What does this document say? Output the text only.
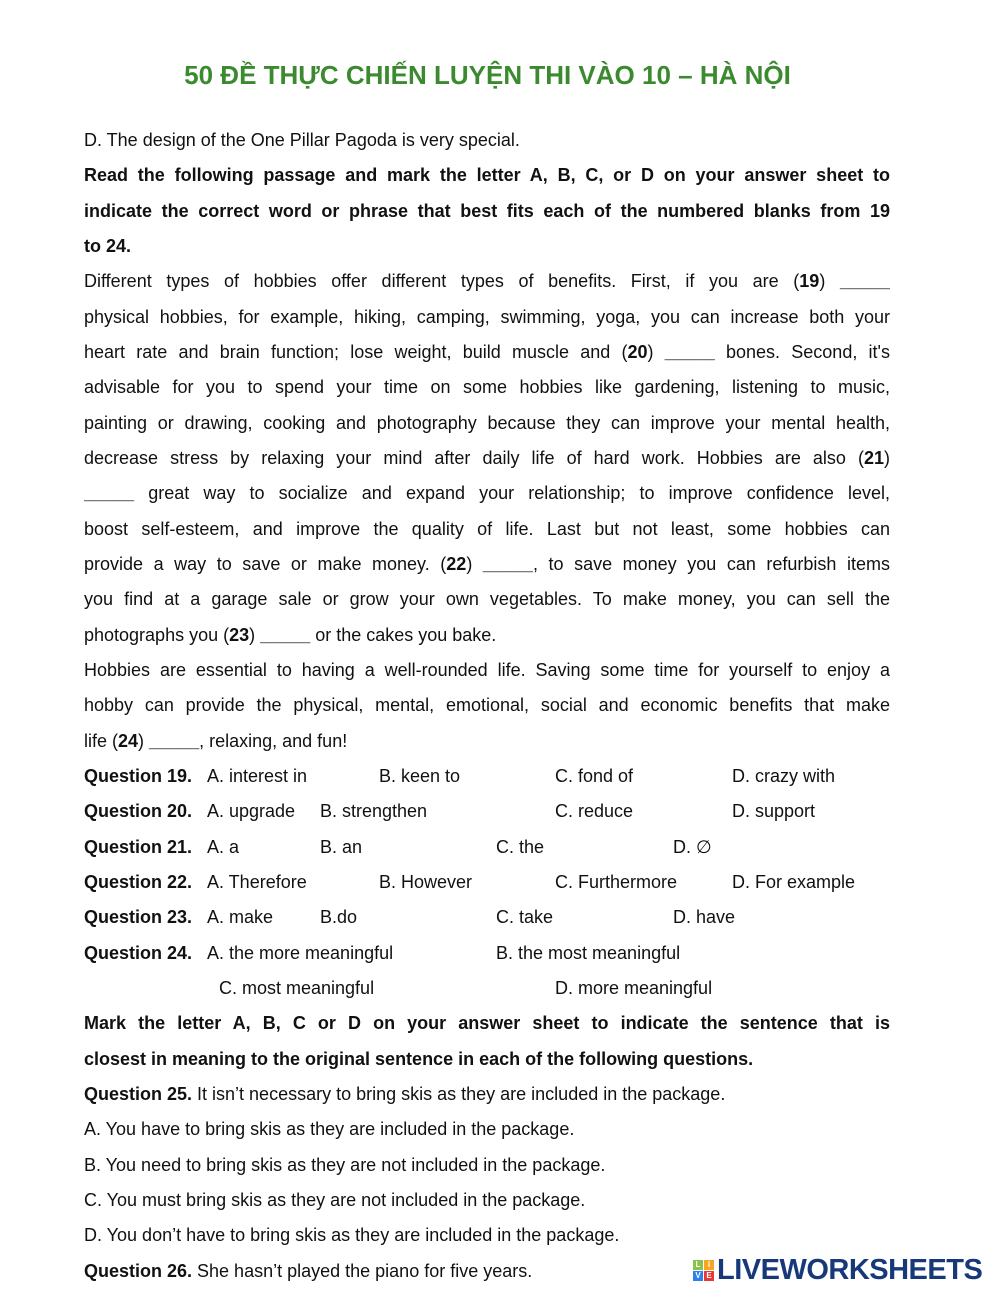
50 ĐỀ THỰC CHIẾN LUYỆN THI VÀO 10 – HÀ NỘI
D. The design of the One Pillar Pagoda is very special.
Read the following passage and mark the letter A, B, C, or D on your answer sheet to
indicate the correct word or phrase that best fits each of the numbered blanks from 19
to 24.
Different types of hobbies offer different types of benefits. First, if you are (19) _____
physical hobbies, for example, hiking, camping, swimming, yoga, you can increase both your
heart rate and brain function; lose weight, build muscle and (20) _____ bones. Second, it's
advisable for you to spend your time on some hobbies like gardening, listening to music,
painting or drawing, cooking and photography because they can improve your mental health,
decrease stress by relaxing your mind after daily life of hard work. Hobbies are also (21)
_____ great way to socialize and expand your relationship; to improve confidence level,
boost self-esteem, and improve the quality of life. Last but not least, some hobbies can
provide a way to save or make money. (22) _____, to save money you can refurbish items
you find at a garage sale or grow your own vegetables. To make money, you can sell the
photographs you (23) _____ or the cakes you bake.
Hobbies are essential to having a well-rounded life. Saving some time for yourself to enjoy a
hobby can provide the physical, mental, emotional, social and economic benefits that make
life (24) _____, relaxing, and fun!
Question 19. A. interest in	B. keen to	C. fond of	D. crazy with
Question 20. A. upgrade B. strengthen	C. reduce	D. support
Question 21. A. a	B. an	C. the	D. ∅
Question 22. A. Therefore	B. However	C. Furthermore	D. For example
Question 23. A. make	B.do	C. take	D. have
Question 24. A. the more meaningful	B. the most meaningful
C. most meaningful	D. more meaningful
Mark the letter A, B, C or D on your answer sheet to indicate the sentence that is
closest in meaning to the original sentence in each of the following questions.
Question 25. It isn’t necessary to bring skis as they are included in the package.
A. You have to bring skis as they are included in the package.
B. You need to bring skis as they are not included in the package.
C. You must bring skis as they are not included in the package.
D. You don’t have to bring skis as they are included in the package.
Question 26. She hasn’t played the piano for five years.	L I
V E LIVEWORKSHEETS
